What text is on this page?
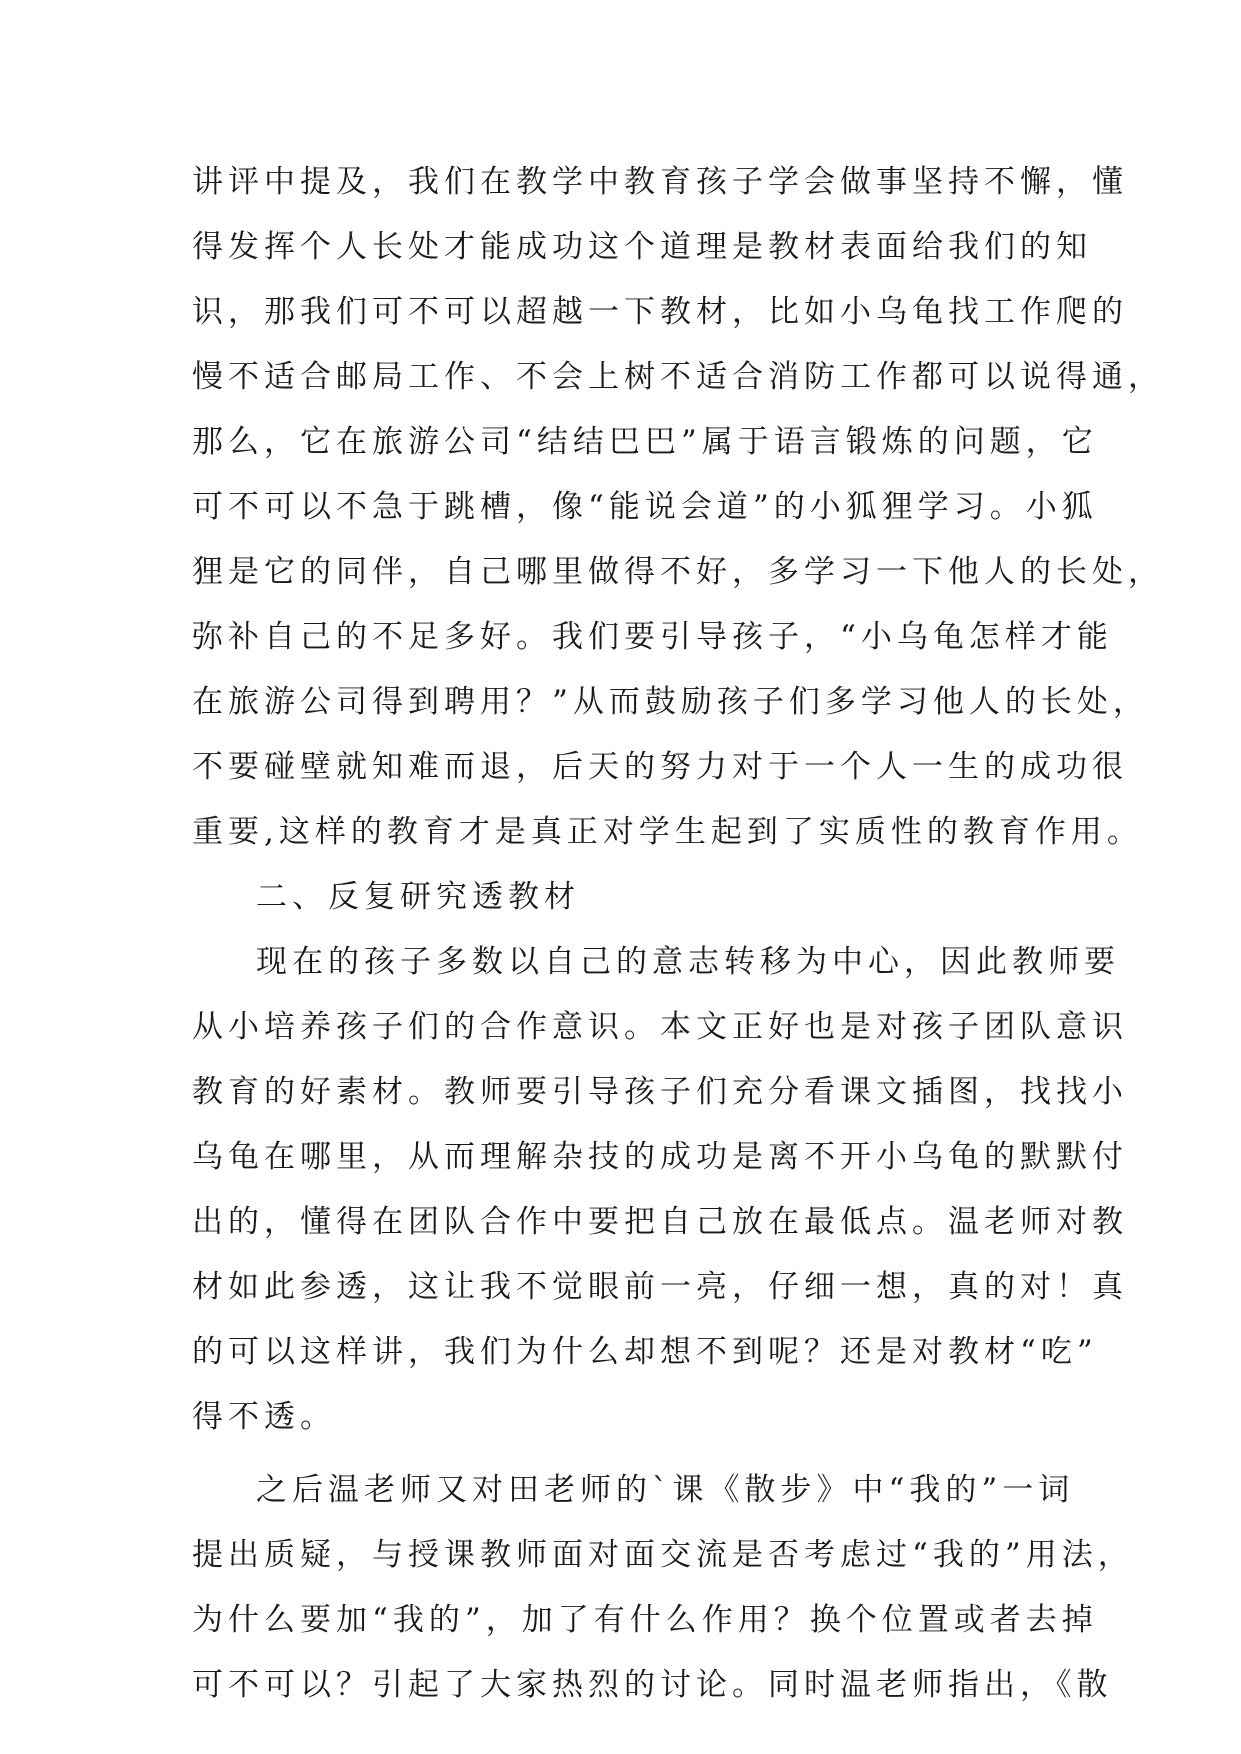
讲评中提及，我们在教学中教育孩子学会做事坚持不懈，懂
得发挥个人长处才能成功这个道理是教材表面给我们的知
识，那我们可不可以超越一下教材，比如小乌龟找工作爬的
慢不适合邮局工作、不会上树不适合消防工作都可以说得通，
那么，它在旅游公司“结结巴巴”属于语言锻炼的问题，它
可不可以不急于跳槽，像“能说会道”的小狐狸学习。小狐
狸是它的同伴，自己哪里做得不好，多学习一下他人的长处，
弥补自己的不足多好。我们要引导孩子，“小乌龟怎样才能
在旅游公司得到聘用？”从而鼓励孩子们多学习他人的长处，
不要碰壁就知难而退，后天的努力对于一个人一生的成功很
重要,这样的教育才是真正对学生起到了实质性的教育作用。
二、反复研究透教材
现在的孩子多数以自己的意志转移为中心，因此教师要
从小培养孩子们的合作意识。本文正好也是对孩子团队意识
教育的好素材。教师要引导孩子们充分看课文插图，找找小
乌龟在哪里，从而理解杂技的成功是离不开小乌龟的默默付
出的，懂得在团队合作中要把自己放在最低点。温老师对教
材如此参透，这让我不觉眼前一亮，仔细一想，真的对！真
的可以这样讲，我们为什么却想不到呢？还是对教材“吃”
得不透。
之后温老师又对田老师的`课《散步》中“我的”一词
提出质疑，与授课教师面对面交流是否考虑过“我的”用法，
为什么要加“我的”，加了有什么作用？换个位置或者去掉
可不可以？引起了大家热烈的讨论。同时温老师指出，《散
